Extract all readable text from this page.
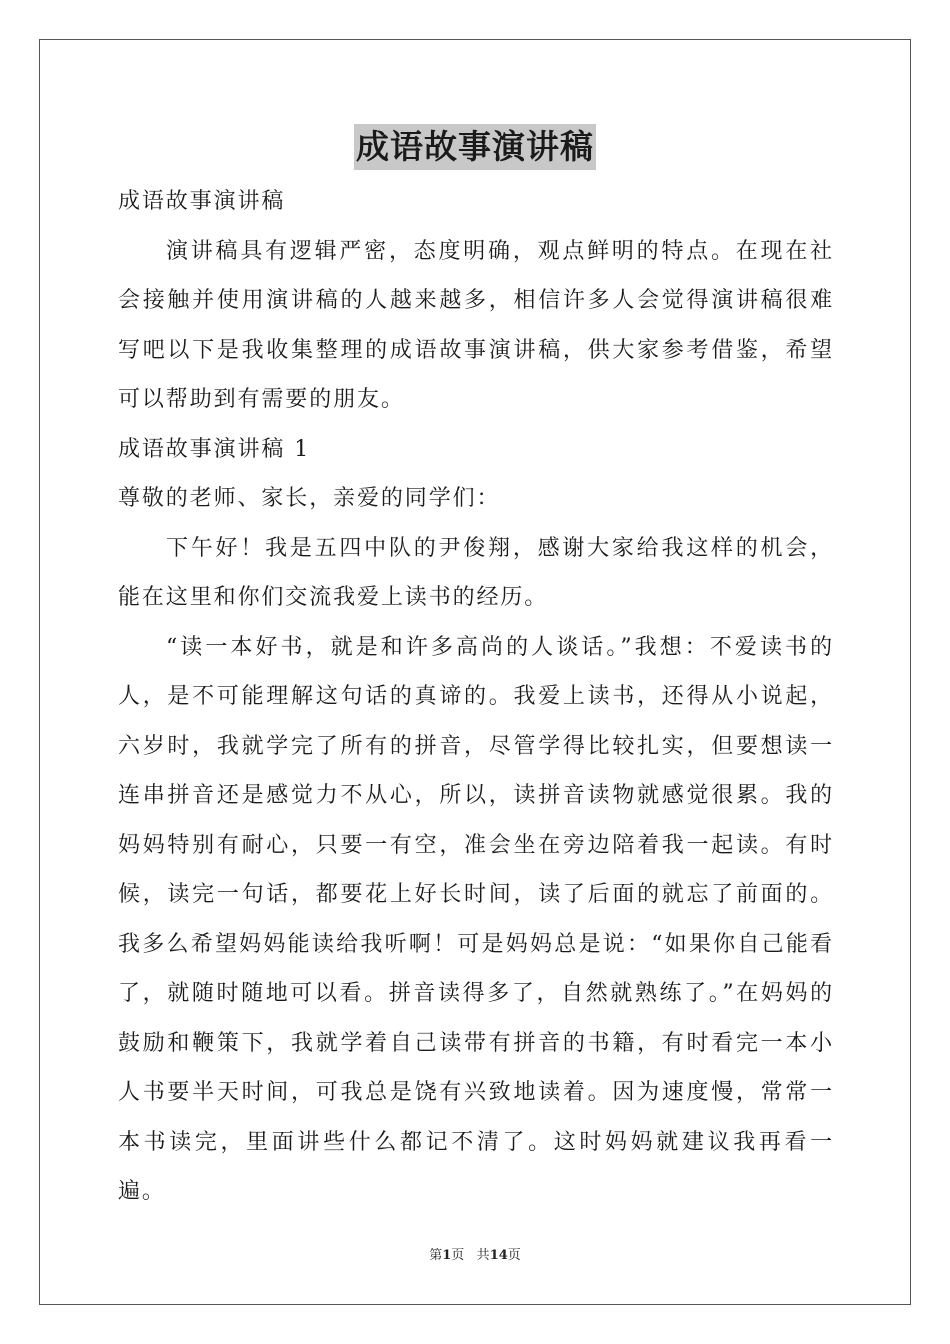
成语故事演讲稿

成语故事演讲稿

演讲稿具有逻辑严密，态度明确，观点鲜明的特点。在现在社会接触并使用演讲稿的人越来越多，相信许多人会觉得演讲稿很难写吧以下是我收集整理的成语故事演讲稿，供大家参考借鉴，希望可以帮助到有需要的朋友。

成语故事演讲稿 1

尊敬的老师、家长，亲爱的同学们：

下午好！我是五四中队的尹俊翔，感谢大家给我这样的机会，能在这里和你们交流我爱上读书的经历。

“读一本好书，就是和许多高尚的人谈话。”我想：不爱读书的人，是不可能理解这句话的真谛的。我爱上读书，还得从小说起，六岁时，我就学完了所有的拼音，尽管学得比较扎实，但要想读一连串拼音还是感觉力不从心，所以，读拼音读物就感觉很累。我的妈妈特别有耐心，只要一有空，准会坐在旁边陪着我一起读。有时候，读完一句话，都要花上好长时间，读了后面的就忘了前面的。我多么希望妈妈能读给我听啊！可是妈妈总是说：“如果你自己能看了，就随时随地可以看。拼音读得多了，自然就熟练了。”在妈妈的鼓励和鞭策下，我就学着自己读带有拼音的书籍，有时看完一本小人书要半天时间，可我总是饶有兴致地读着。因为速度慢，常常一本书读完，里面讲些什么都记不清了。这时妈妈就建议我再看一遍。

第1页 共14页
